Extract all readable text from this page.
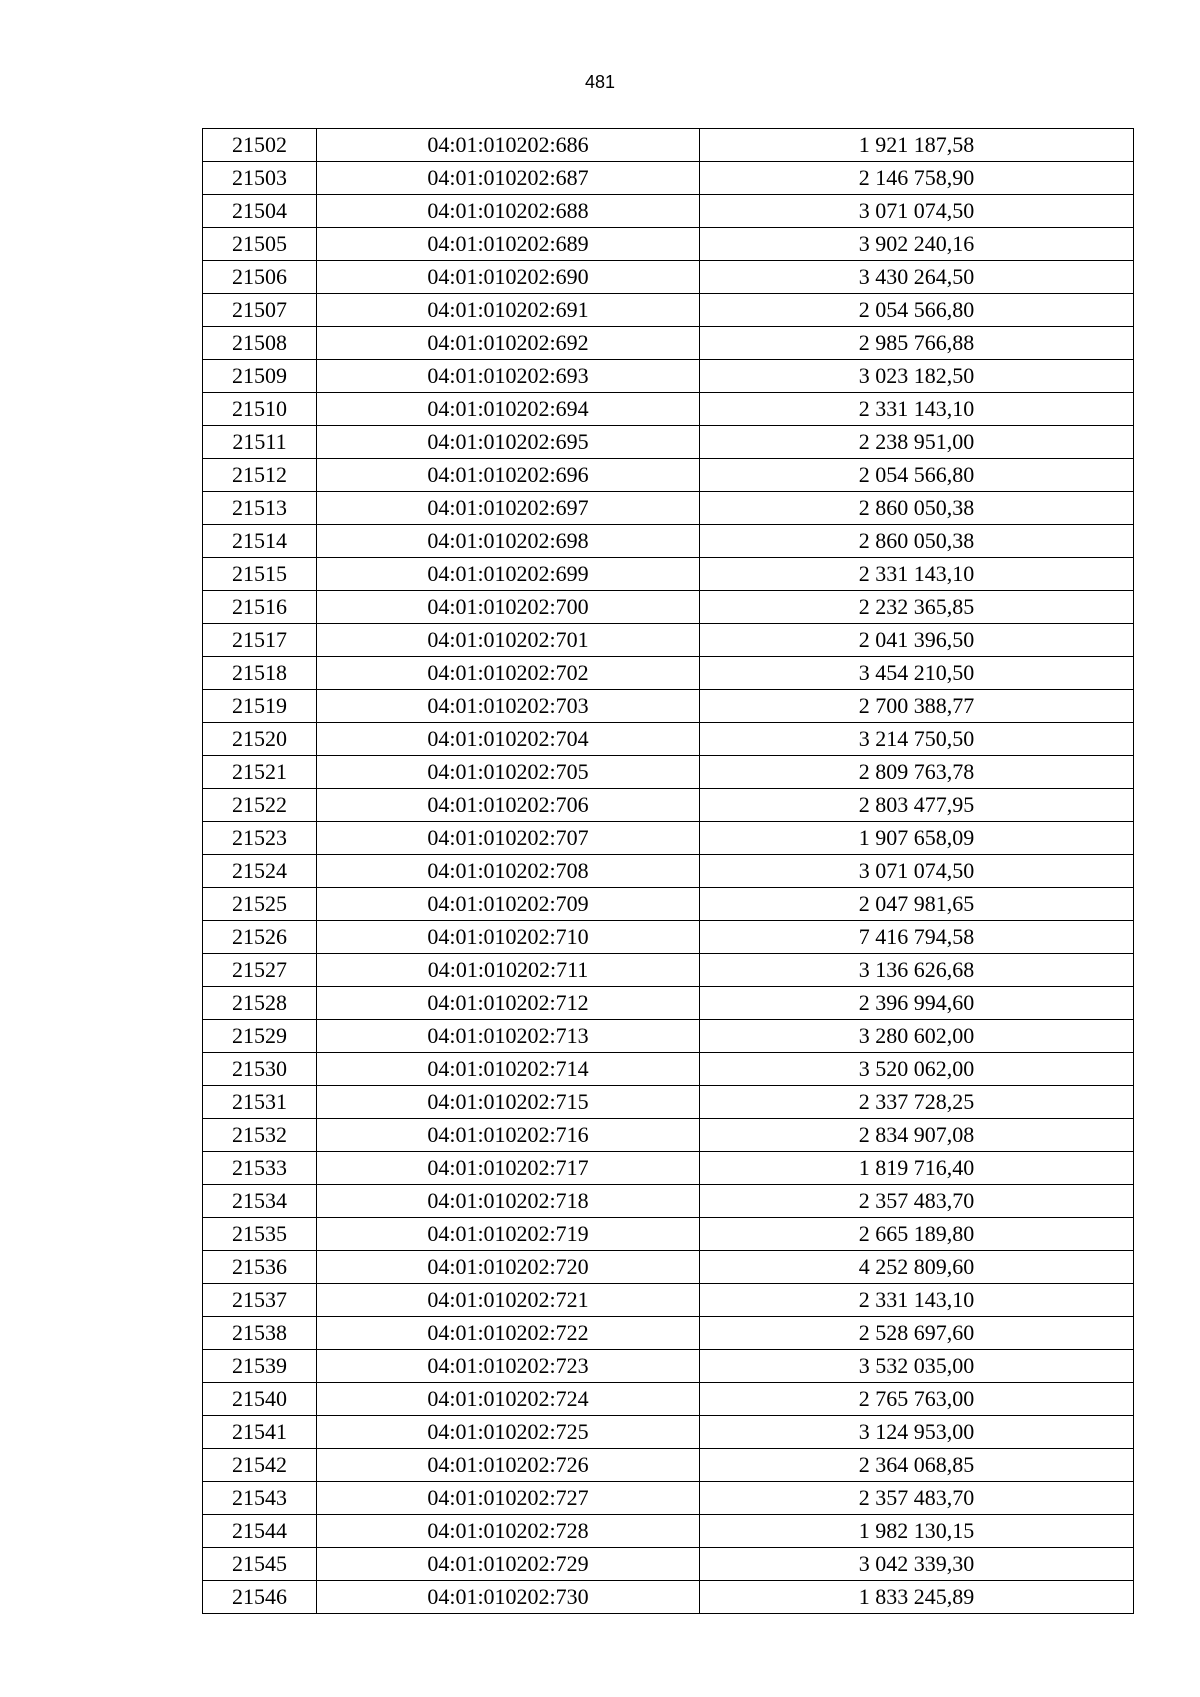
481
21502	04:01:010202:686	1 921 187,58
21503	04:01:010202:687	2 146 758,90
21504	04:01:010202:688	3 071 074,50
21505	04:01:010202:689	3 902 240,16
21506	04:01:010202:690	3 430 264,50
21507	04:01:010202:691	2 054 566,80
21508	04:01:010202:692	2 985 766,88
21509	04:01:010202:693	3 023 182,50
21510	04:01:010202:694	2 331 143,10
21511	04:01:010202:695	2 238 951,00
21512	04:01:010202:696	2 054 566,80
21513	04:01:010202:697	2 860 050,38
21514	04:01:010202:698	2 860 050,38
21515	04:01:010202:699	2 331 143,10
21516	04:01:010202:700	2 232 365,85
21517	04:01:010202:701	2 041 396,50
21518	04:01:010202:702	3 454 210,50
21519	04:01:010202:703	2 700 388,77
21520	04:01:010202:704	3 214 750,50
21521	04:01:010202:705	2 809 763,78
21522	04:01:010202:706	2 803 477,95
21523	04:01:010202:707	1 907 658,09
21524	04:01:010202:708	3 071 074,50
21525	04:01:010202:709	2 047 981,65
21526	04:01:010202:710	7 416 794,58
21527	04:01:010202:711	3 136 626,68
21528	04:01:010202:712	2 396 994,60
21529	04:01:010202:713	3 280 602,00
21530	04:01:010202:714	3 520 062,00
21531	04:01:010202:715	2 337 728,25
21532	04:01:010202:716	2 834 907,08
21533	04:01:010202:717	1 819 716,40
21534	04:01:010202:718	2 357 483,70
21535	04:01:010202:719	2 665 189,80
21536	04:01:010202:720	4 252 809,60
21537	04:01:010202:721	2 331 143,10
21538	04:01:010202:722	2 528 697,60
21539	04:01:010202:723	3 532 035,00
21540	04:01:010202:724	2 765 763,00
21541	04:01:010202:725	3 124 953,00
21542	04:01:010202:726	2 364 068,85
21543	04:01:010202:727	2 357 483,70
21544	04:01:010202:728	1 982 130,15
21545	04:01:010202:729	3 042 339,30
21546	04:01:010202:730	1 833 245,89
